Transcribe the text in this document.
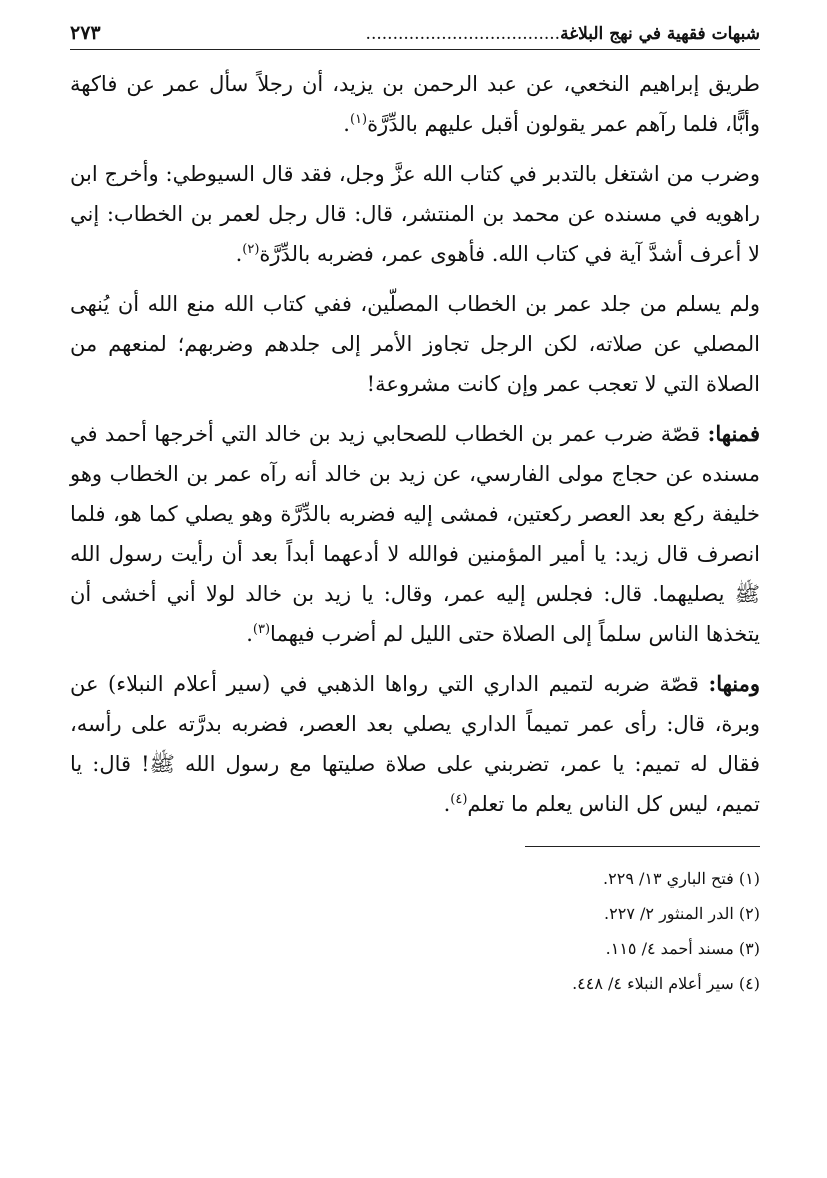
شبهات فقهية في نهج البلاغة....................................
٢٧٣

طريق إبراهيم النخعي، عن عبد الرحمن بن يزيد، أن رجلاً سأل عمر عن فاكهة وأبًّا، فلما رآهم عمر يقولون أقبل عليهم بالدِّرَّة$^{(١)}$.

وضرب من اشتغل بالتدبر في كتاب الله عزَّ وجل، فقد قال السيوطي: وأخرج ابن راهويه في مسنده عن محمد بن المنتشر، قال: قال رجل لعمر بن الخطاب: إني لا أعرف أشدَّ آية في كتاب الله. فأهوى عمر، فضربه بالدِّرَّة$^{(٢)}$.

ولم يسلم من جلد عمر بن الخطاب المصلّين، ففي كتاب الله منع الله أن يُنهى المصلي عن صلاته، لكن الرجل تجاوز الأمر إلى جلدهم وضربهم؛ لمنعهم من الصلاة التي لا تعجب عمر وإن كانت مشروعة!

فمنها: قصّة ضرب عمر بن الخطاب للصحابي زيد بن خالد التي أخرجها أحمد في مسنده عن حجاج مولى الفارسي، عن زيد بن خالد أنه رآه عمر بن الخطاب وهو خليفة ركع بعد العصر ركعتين، فمشى إليه فضربه بالدِّرَّة وهو يصلي كما هو، فلما انصرف قال زيد: يا أمير المؤمنين فوالله لا أدعهما أبداً بعد أن رأيت رسول الله ﷺ يصليهما. قال: فجلس إليه عمر، وقال: يا زيد بن خالد لولا أني أخشى أن يتخذها الناس سلماً إلى الصلاة حتى الليل لم أضرب فيهما$^{(٣)}$.

ومنها: قصّة ضربه لتميم الداري التي رواها الذهبي في (سير أعلام النبلاء) عن وبرة، قال: رأى عمر تميماً الداري يصلي بعد العصر، فضربه بدرَّته على رأسه، فقال له تميم: يا عمر، تضربني على صلاة صليتها مع رسول الله ﷺ! قال: يا تميم، ليس كل الناس يعلم ما تعلم$^{(٤)}$.

(١) فتح الباري ١٣/ ٢٢٩.
(٢) الدر المنثور ٢/ ٢٢٧.
(٣) مسند أحمد ٤/ ١١٥.
(٤) سير أعلام النبلاء ٤/ ٤٤٨.
